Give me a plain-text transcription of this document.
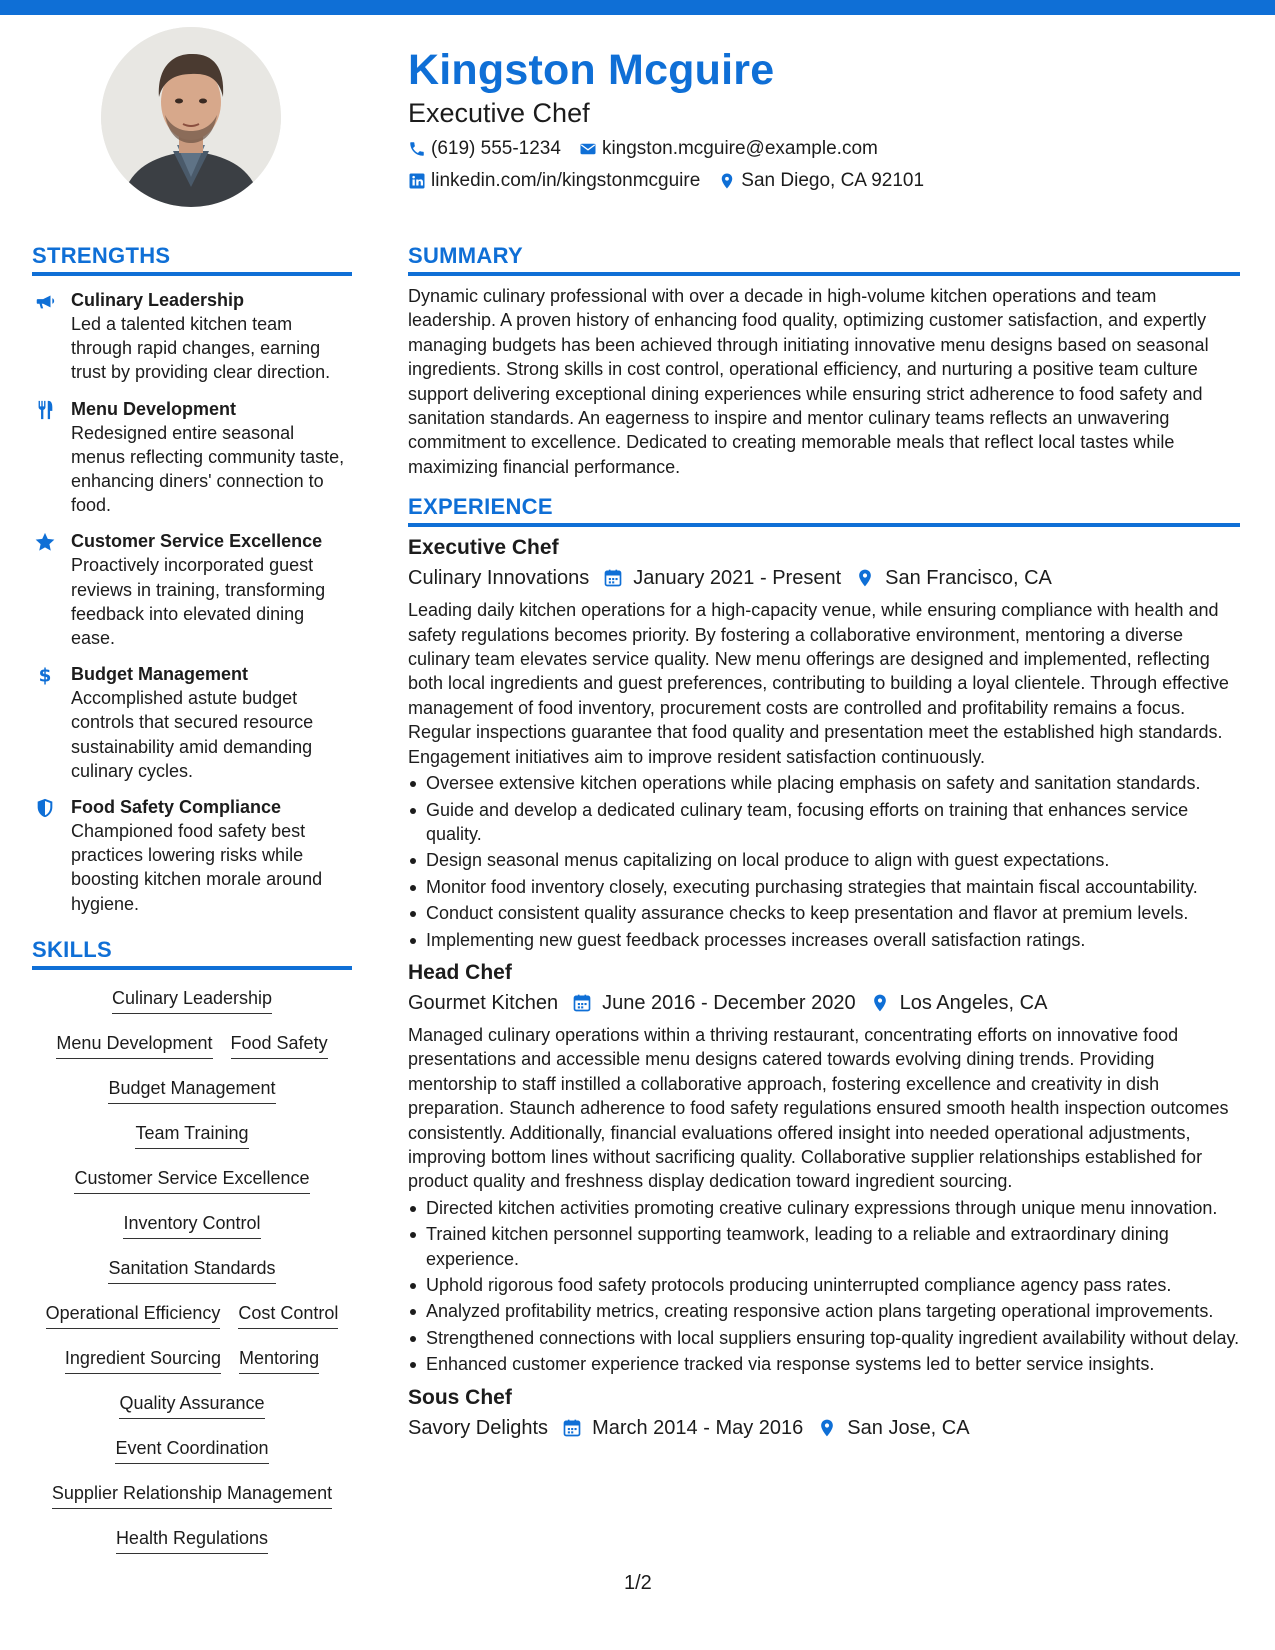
Kingston Mcguire
Executive Chef
(619) 555-1234 kingston.mcguire@example.com
linkedin.com/in/kingstonmcguire San Diego, CA 92101
STRENGTHS
Culinary Leadership
Led a talented kitchen team through rapid changes, earning trust by providing clear direction.
Menu Development
Redesigned entire seasonal menus reflecting community taste, enhancing diners' connection to food.
Customer Service Excellence
Proactively incorporated guest reviews in training, transforming feedback into elevated dining ease.
$ Budget Management
Accomplished astute budget controls that secured resource sustainability amid demanding culinary cycles.
Food Safety Compliance
Championed food safety best practices lowering risks while boosting kitchen morale around hygiene.
SKILLS
Culinary Leadership
Menu Development Food Safety
Budget Management
Team Training
Customer Service Excellence
Inventory Control
Sanitation Standards
Operational Efficiency Cost Control
Ingredient Sourcing Mentoring
Quality Assurance
Event Coordination
Supplier Relationship Management
Health Regulations
SUMMARY
Dynamic culinary professional with over a decade in high-volume kitchen operations and team leadership. A proven history of enhancing food quality, optimizing customer satisfaction, and expertly managing budgets has been achieved through initiating innovative menu designs based on seasonal ingredients. Strong skills in cost control, operational efficiency, and nurturing a positive team culture support delivering exceptional dining experiences while ensuring strict adherence to food safety and sanitation standards. An eagerness to inspire and mentor culinary teams reflects an unwavering commitment to excellence. Dedicated to creating memorable meals that reflect local tastes while maximizing financial performance.
EXPERIENCE
Executive Chef
Culinary Innovations January 2021 - Present San Francisco, CA
Leading daily kitchen operations for a high-capacity venue, while ensuring compliance with health and safety regulations becomes priority. By fostering a collaborative environment, mentoring a diverse culinary team elevates service quality. New menu offerings are designed and implemented, reflecting both local ingredients and guest preferences, contributing to building a loyal clientele. Through effective management of food inventory, procurement costs are controlled and profitability remains a focus. Regular inspections guarantee that food quality and presentation meet the established high standards. Engagement initiatives aim to improve resident satisfaction continuously.
Oversee extensive kitchen operations while placing emphasis on safety and sanitation standards.
Guide and develop a dedicated culinary team, focusing efforts on training that enhances service quality.
Design seasonal menus capitalizing on local produce to align with guest expectations.
Monitor food inventory closely, executing purchasing strategies that maintain fiscal accountability.
Conduct consistent quality assurance checks to keep presentation and flavor at premium levels.
Implementing new guest feedback processes increases overall satisfaction ratings.
Head Chef
Gourmet Kitchen June 2016 - December 2020 Los Angeles, CA
Managed culinary operations within a thriving restaurant, concentrating efforts on innovative food presentations and accessible menu designs catered towards evolving dining trends. Providing mentorship to staff instilled a collaborative approach, fostering excellence and creativity in dish preparation. Staunch adherence to food safety regulations ensured smooth health inspection outcomes consistently. Additionally, financial evaluations offered insight into needed operational adjustments, improving bottom lines without sacrificing quality. Collaborative supplier relationships established for product quality and freshness display dedication toward ingredient sourcing.
Directed kitchen activities promoting creative culinary expressions through unique menu innovation.
Trained kitchen personnel supporting teamwork, leading to a reliable and extraordinary dining experience.
Uphold rigorous food safety protocols producing uninterrupted compliance agency pass rates.
Analyzed profitability metrics, creating responsive action plans targeting operational improvements.
Strengthened connections with local suppliers ensuring top-quality ingredient availability without delay.
Enhanced customer experience tracked via response systems led to better service insights.
Sous Chef
Savory Delights March 2014 - May 2016 San Jose, CA
1/2
